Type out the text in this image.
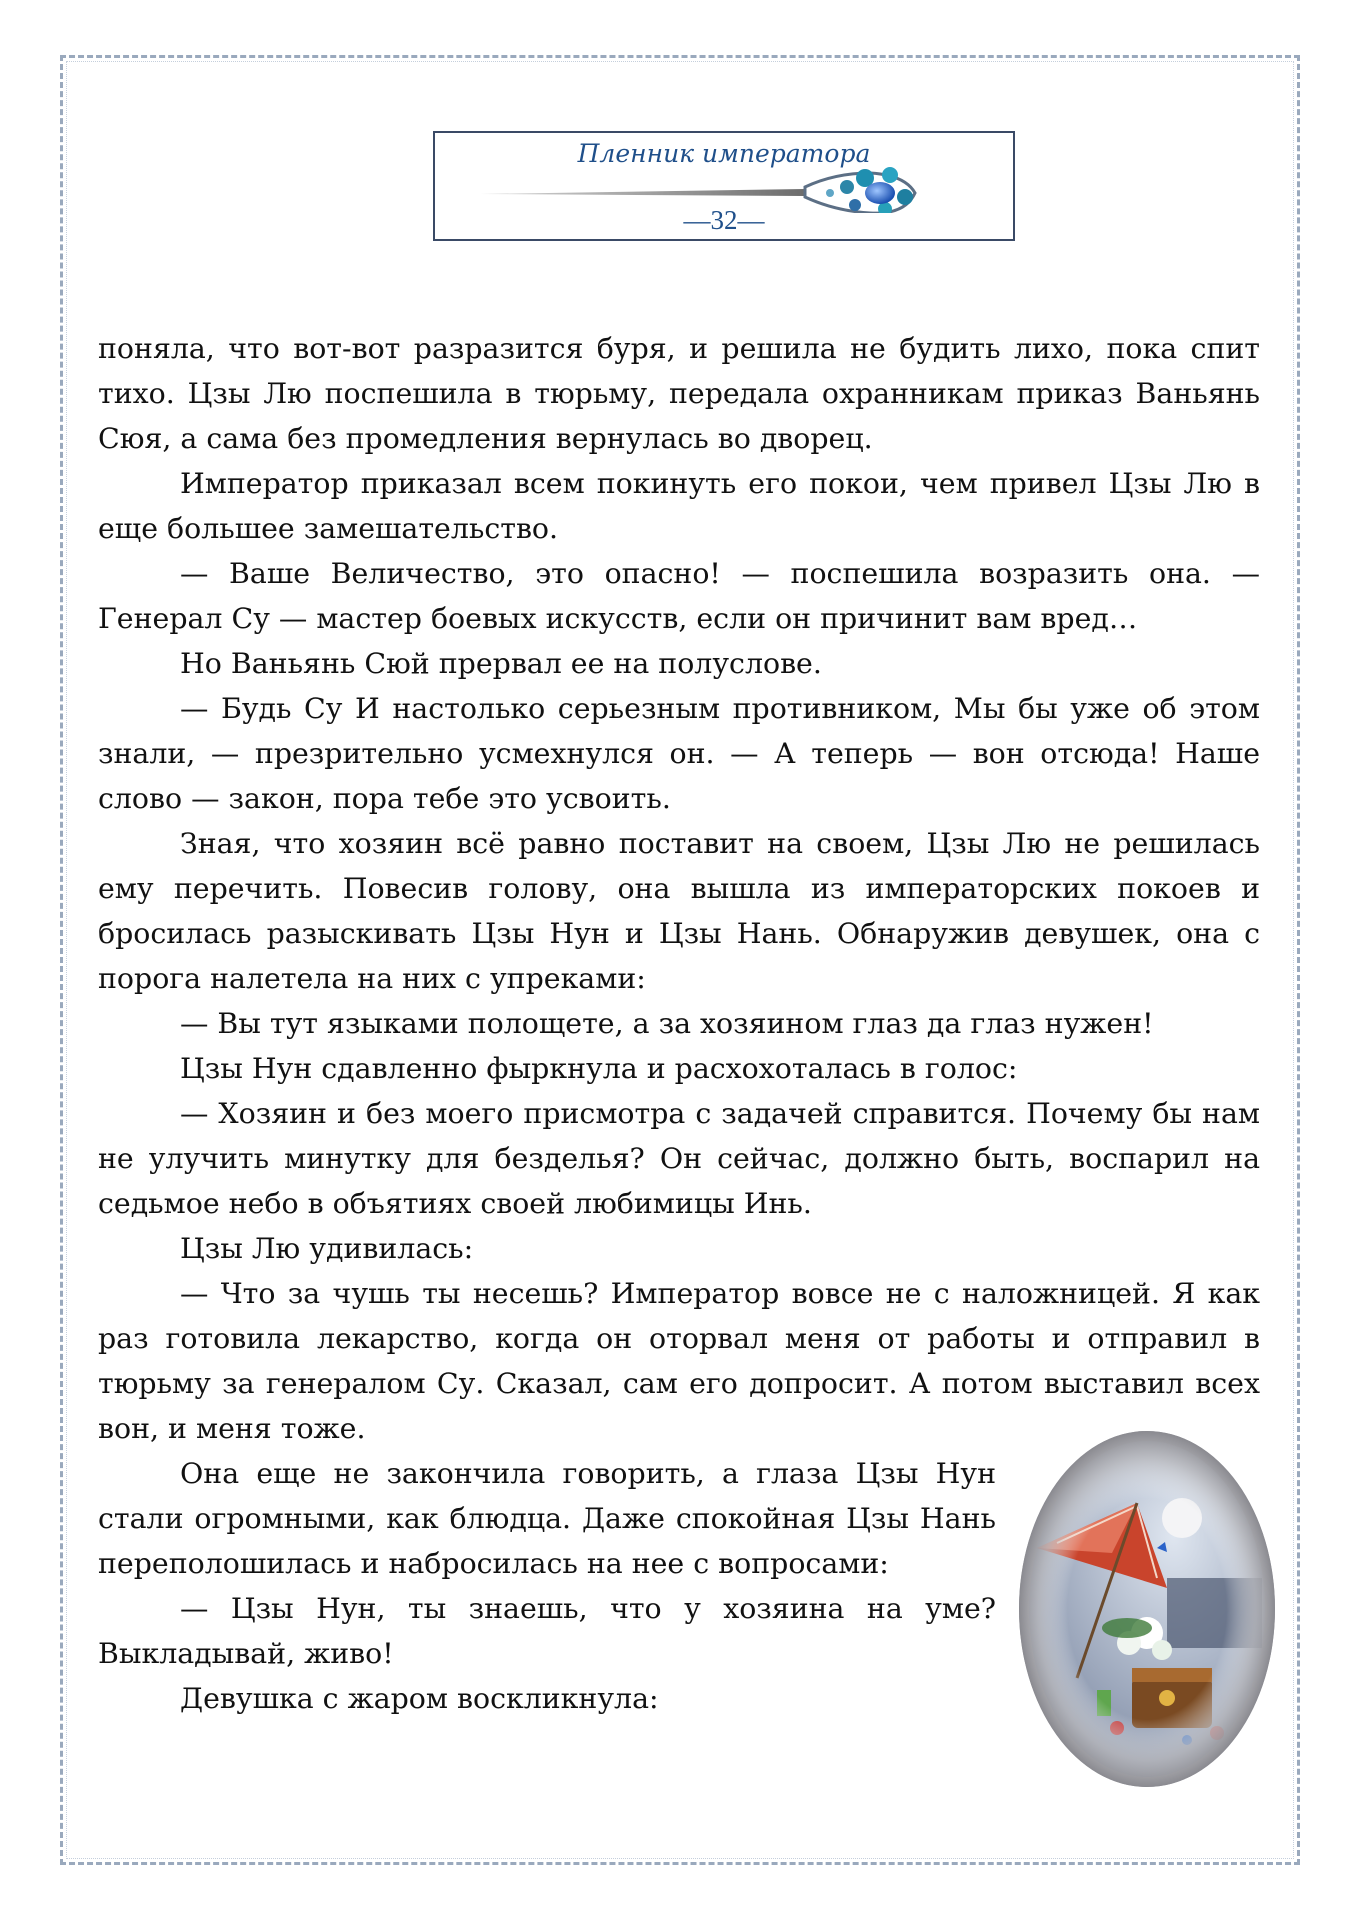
Пленник императора
—32—

поняла, что вот-вот разразится буря, и решила не будить лихо, пока спит тихо. Цзы Лю поспешила в тюрьму, передала охранникам приказ Ваньянь Сюя, а сама без промедления вернулась во дворец.

Император приказал всем покинуть его покои, чем привел Цзы Лю в еще большее замешательство.

— Ваше Величество, это опасно! — поспешила возразить она. — Генерал Су — мастер боевых искусств, если он причинит вам вред…

Но Ваньянь Сюй прервал ее на полуслове.

— Будь Су И настолько серьезным противником, Мы бы уже об этом знали, — презрительно усмехнулся он. — А теперь — вон отсюда! Наше слово — закон, пора тебе это усвоить.

Зная, что хозяин всё равно поставит на своем, Цзы Лю не решилась ему перечить. Повесив голову, она вышла из императорских покоев и бросилась разыскивать Цзы Нун и Цзы Нань. Обнаружив девушек, она с порога налетела на них с упреками:

— Вы тут языками полощете, а за хозяином глаз да глаз нужен!

Цзы Нун сдавленно фыркнула и расхохоталась в голос:

— Хозяин и без моего присмотра с задачей справится. Почему бы нам не улучить минутку для безделья? Он сейчас, должно быть, воспарил на седьмое небо в объятиях своей любимицы Инь.

Цзы Лю удивилась:

— Что за чушь ты несешь? Император вовсе не с наложницей. Я как раз готовила лекарство, когда он оторвал меня от работы и отправил в тюрьму за генералом Су. Сказал, сам его допросит. А потом выставил всех вон, и меня тоже.

Она еще не закончила говорить, а глаза Цзы Нун стали огромными, как блюдца. Даже спокойная Цзы Нань переполошилась и набросилась на нее с вопросами:

— Цзы Нун, ты знаешь, что у хозяина на уме? Выкладывай, живо!

Девушка с жаром воскликнула:
